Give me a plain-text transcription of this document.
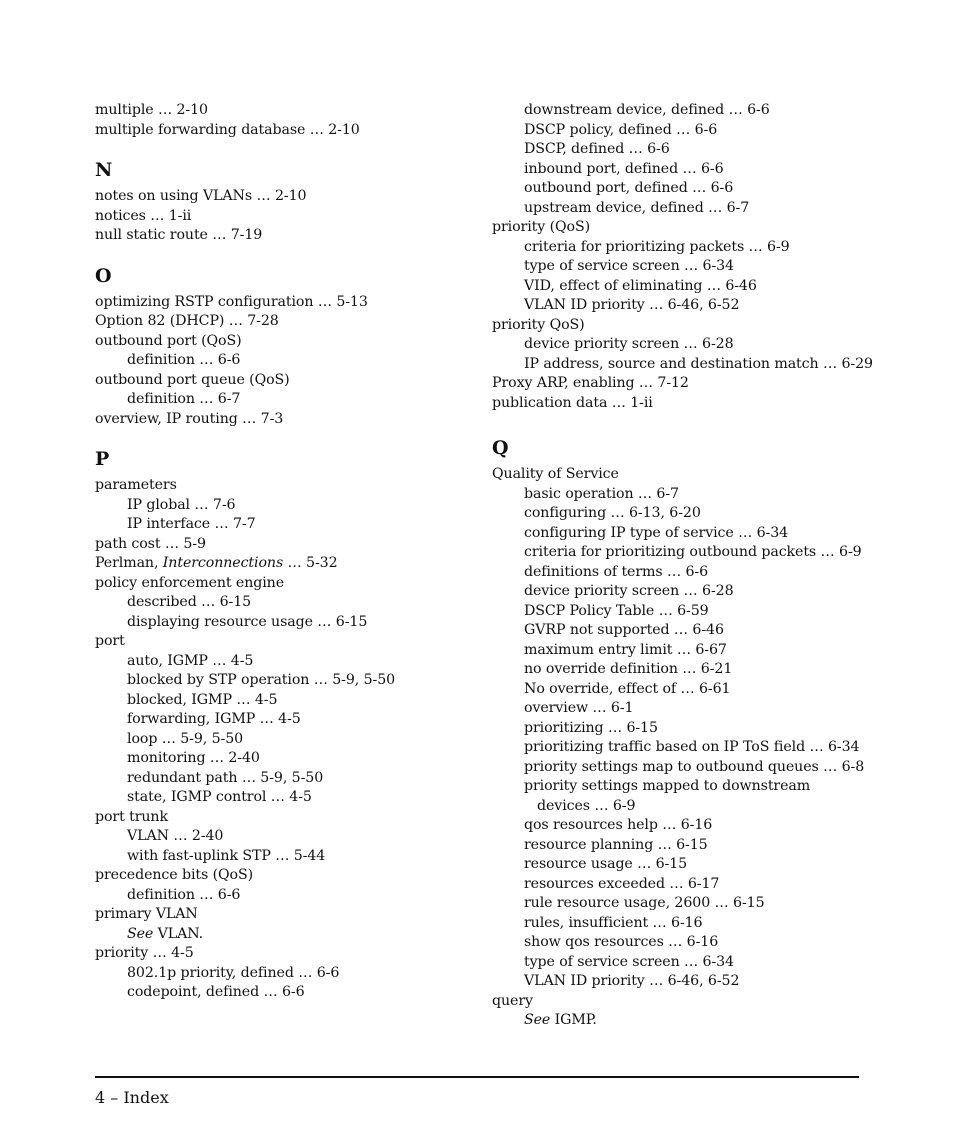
multiple … 2-10
multiple forwarding database … 2-10
N
notes on using VLANs … 2-10
notices … 1-ii
null static route … 7-19
O
optimizing RSTP configuration … 5-13
Option 82 (DHCP) … 7-28
outbound port (QoS)
definition … 6-6
outbound port queue (QoS)
definition … 6-7
overview, IP routing … 7-3
P
parameters
IP global … 7-6
IP interface … 7-7
path cost … 5-9
Perlman, Interconnections … 5-32
policy enforcement engine
described … 6-15
displaying resource usage … 6-15
port
auto, IGMP … 4-5
blocked by STP operation … 5-9, 5-50
blocked, IGMP … 4-5
forwarding, IGMP … 4-5
loop … 5-9, 5-50
monitoring … 2-40
redundant path … 5-9, 5-50
state, IGMP control … 4-5
port trunk
VLAN … 2-40
with fast-uplink STP … 5-44
precedence bits (QoS)
definition … 6-6
primary VLAN
See VLAN.
priority … 4-5
802.1p priority, defined … 6-6
codepoint, defined … 6-6
downstream device, defined … 6-6
DSCP policy, defined … 6-6
DSCP, defined … 6-6
inbound port, defined … 6-6
outbound port, defined … 6-6
upstream device, defined … 6-7
priority (QoS)
criteria for prioritizing packets … 6-9
type of service screen … 6-34
VID, effect of eliminating … 6-46
VLAN ID priority … 6-46, 6-52
priority QoS)
device priority screen … 6-28
IP address, source and destination match … 6-29
Proxy ARP, enabling … 7-12
publication data … 1-ii
Q
Quality of Service
basic operation … 6-7
configuring … 6-13, 6-20
configuring IP type of service … 6-34
criteria for prioritizing outbound packets … 6-9
definitions of terms … 6-6
device priority screen … 6-28
DSCP Policy Table … 6-59
GVRP not supported … 6-46
maximum entry limit … 6-67
no override definition … 6-21
No override, effect of … 6-61
overview … 6-1
prioritizing … 6-15
prioritizing traffic based on IP ToS field … 6-34
priority settings map to outbound queues … 6-8
priority settings mapped to downstream
devices … 6-9
qos resources help … 6-16
resource planning … 6-15
resource usage … 6-15
resources exceeded … 6-17
rule resource usage, 2600 … 6-15
rules, insufficient … 6-16
show qos resources … 6-16
type of service screen … 6-34
VLAN ID priority … 6-46, 6-52
query
See IGMP.
4 – Index
